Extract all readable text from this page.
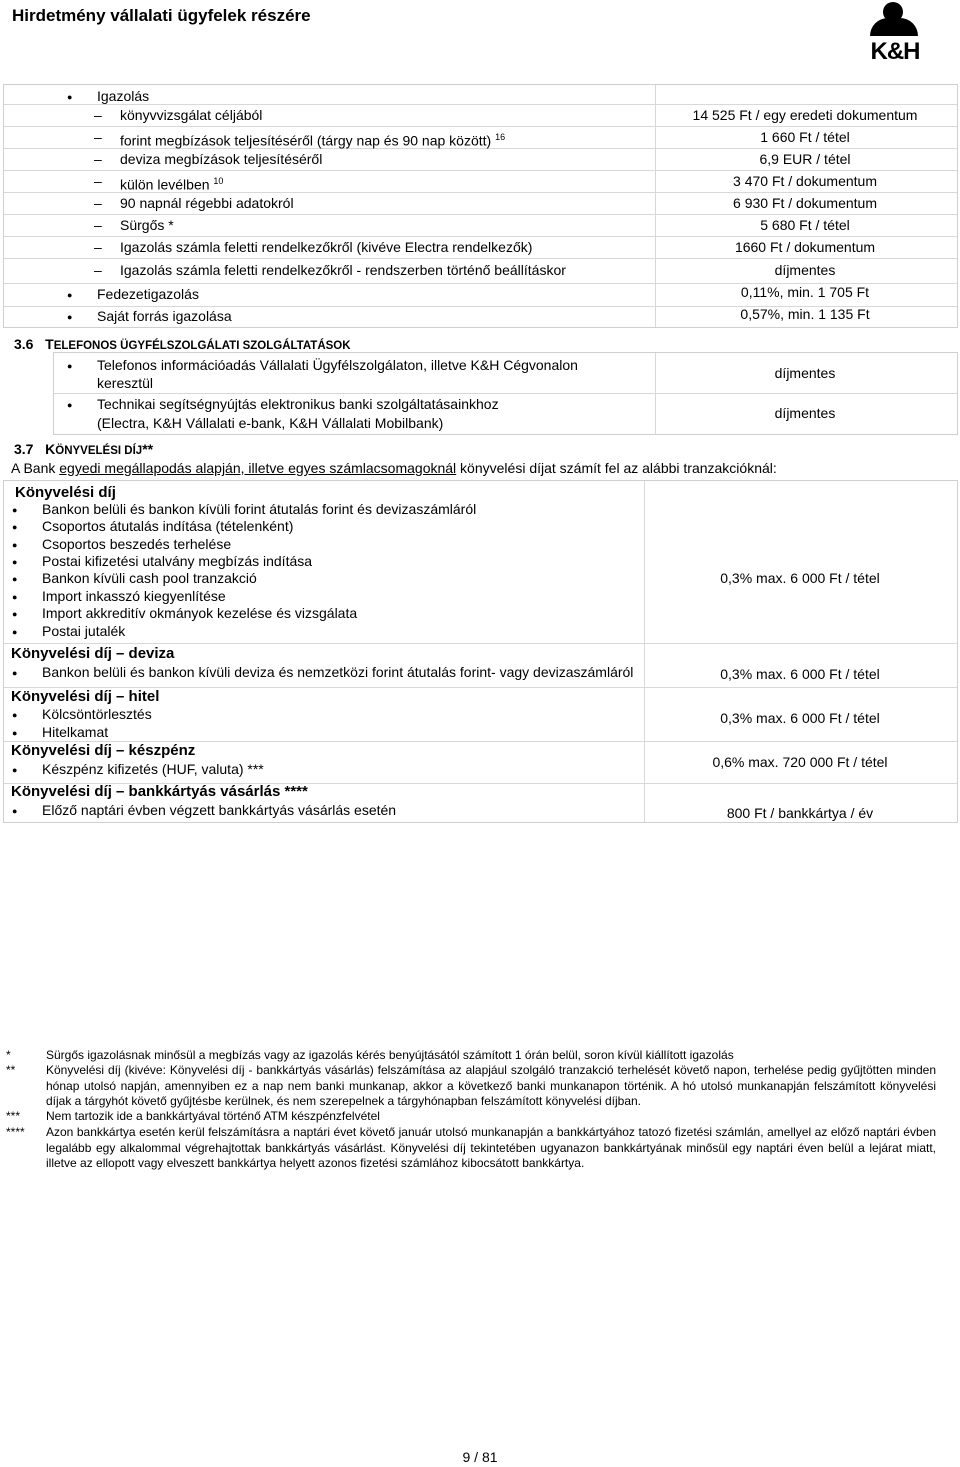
Hirdetmény vállalati ügyfelek részére
K&H
● Igazolás
– könyvvizsgálat céljából	14 525 Ft / egy eredeti dokumentum
– forint megbízások teljesítéséről (tárgy nap és 90 nap között) $^{16}$	1 660 Ft / tétel
– deviza megbízások teljesítéséről	6,9 EUR / tétel
– külön levélben $^{10}$	3 470 Ft / dokumentum
– 90 napnál régebbi adatokról	6 930 Ft / dokumentum
– Sürgős *	5 680 Ft / tétel
– Igazolás számla feletti rendelkezőkről (kivéve Electra rendelkezők)	1660 Ft / dokumentum
– Igazolás számla feletti rendelkezőkről - rendszerben történő beállításkor	díjmentes
● Fedezetigazolás	0,11%, min. 1 705 Ft
● Saját forrás igazolása	0,57%, min. 1 135 Ft
3.6 TELEFONOS ÜGYFÉLSZOLGÁLATI SZOLGÁLTATÁSOK
● Telefonos információadás Vállalati Ügyfélszolgálaton, illetve K&H Cégvonalon
keresztül
díjmentes
● Technikai segítségnyújtás elektronikus banki szolgáltatásainkhoz
(Electra, K&H Vállalati e-bank, K&H Vállalati Mobilbank)
díjmentes
3.7 KÖNYVELÉSI DÍJ**
A Bank egyedi megállapodás alapján, illetve egyes számlacsomagoknál könyvelési díjat számít fel az alábbi tranzakcióknál:
Könyvelési díj
● Bankon belüli és bankon kívüli forint átutalás forint és devizaszámláról
● Csoportos átutalás indítása (tételenként)
● Csoportos beszedés terhelése
● Postai kifizetési utalvány megbízás indítása
● Bankon kívüli cash pool tranzakció
● Import inkasszó kiegyenlítése
● Import akkreditív okmányok kezelése és vizsgálata
● Postai jutalék
0,3% max. 6 000 Ft / tétel
Könyvelési díj – deviza
● Bankon belüli és bankon kívüli deviza és nemzetközi forint átutalás forint- vagy devizaszámláról	0,3% max. 6 000 Ft / tétel
Könyvelési díj – hitel
● Kölcsöntörlesztés
● Hitelkamat
0,3% max. 6 000 Ft / tétel
Könyvelési díj – készpénz
● Készpénz kifizetés (HUF, valuta) ***	0,6% max. 720 000 Ft / tétel
Könyvelési díj – bankkártyás vásárlás ****
● Előző naptári évben végzett bankkártyás vásárlás esetén	800 Ft / bankkártya / év
*	Sürgős igazolásnak minősül a megbízás vagy az igazolás kérés benyújtásától számított 1 órán belül, soron kívül kiállított igazolás
**	Könyvelési díj (kivéve: Könyvelési díj - bankkártyás vásárlás) felszámítása az alapjául szolgáló tranzakció terhelését követő napon, terhelése pedig gyűjtötten minden hónap utolsó napján, amennyiben ez a nap nem banki munkanap, akkor a következő banki munkanapon történik. A hó utolsó munkanapján felszámított könyvelési díjak a tárgyhót követő gyűjtésbe kerülnek, és nem szerepelnek a tárgyhónapban felszámított könyvelési díjban.
*** Nem tartozik ide a bankkártyával történő ATM készpénzfelvétel
**** Azon bankkártya esetén kerül felszámításra a naptári évet követő január utolsó munkanapján a bankkártyához tatozó fizetési számlán, amellyel az előző naptári évben legalább egy alkalommal végrehajtottak bankkártyás vásárlást. Könyvelési díj tekintetében ugyanazon bankkártyának minősül egy naptári éven belül a lejárat miatt, illetve az ellopott vagy elveszett bankkártya helyett azonos fizetési számlához kibocsátott bankkártya.
9 / 81
